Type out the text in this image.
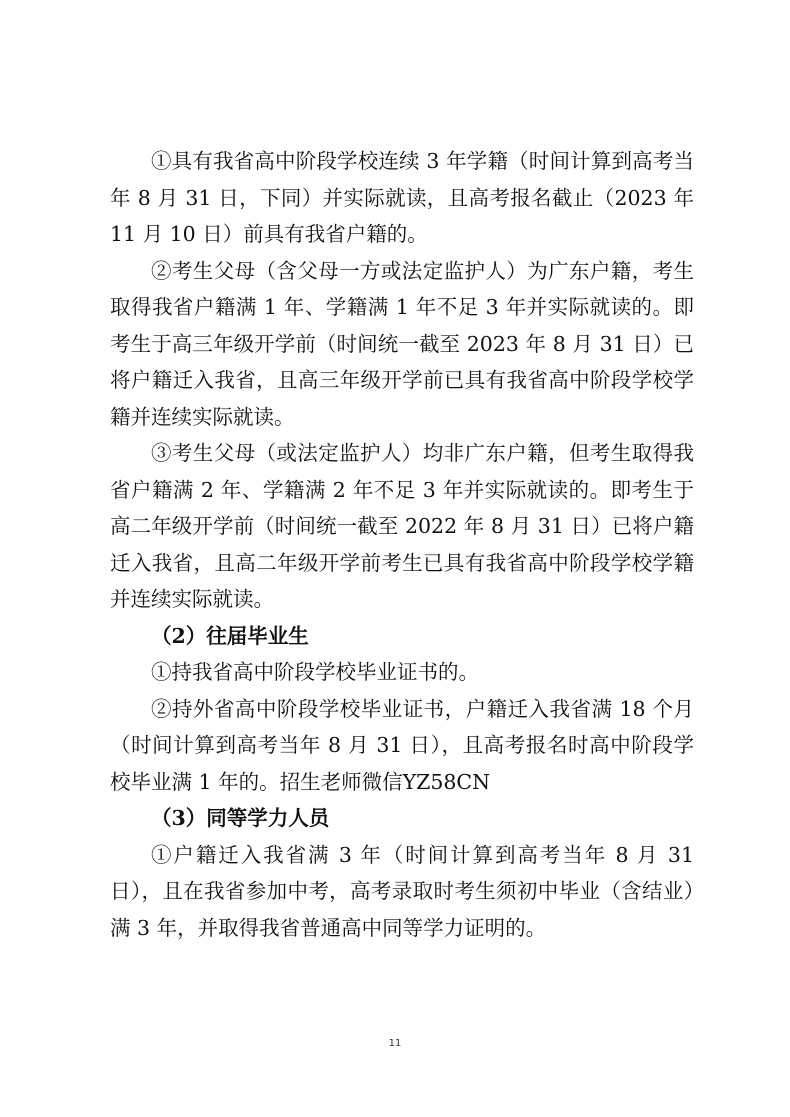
①具有我省高中阶段学校连续 3 年学籍（时间计算到高考当年 8 月 31 日，下同）并实际就读，且高考报名截止（2023 年 11 月 10 日）前具有我省户籍的。

②考生父母（含父母一方或法定监护人）为广东户籍，考生取得我省户籍满 1 年、学籍满 1 年不足 3 年并实际就读的。即考生于高三年级开学前（时间统一截至 2023 年 8 月 31 日）已将户籍迁入我省，且高三年级开学前已具有我省高中阶段学校学籍并连续实际就读。

③考生父母（或法定监护人）均非广东户籍，但考生取得我省户籍满 2 年、学籍满 2 年不足 3 年并实际就读的。即考生于高二年级开学前（时间统一截至 2022 年 8 月 31 日）已将户籍迁入我省，且高二年级开学前考生已具有我省高中阶段学校学籍并连续实际就读。

（2）往届毕业生

①持我省高中阶段学校毕业证书的。

②持外省高中阶段学校毕业证书，户籍迁入我省满 18 个月（时间计算到高考当年 8 月 31 日），且高考报名时高中阶段学校毕业满 1 年的。招生老师微信YZ58CN

（3）同等学力人员

①户籍迁入我省满 3 年（时间计算到高考当年 8 月 31 日），且在我省参加中考，高考录取时考生须初中毕业（含结业）满 3 年，并取得我省普通高中同等学力证明的。

11
